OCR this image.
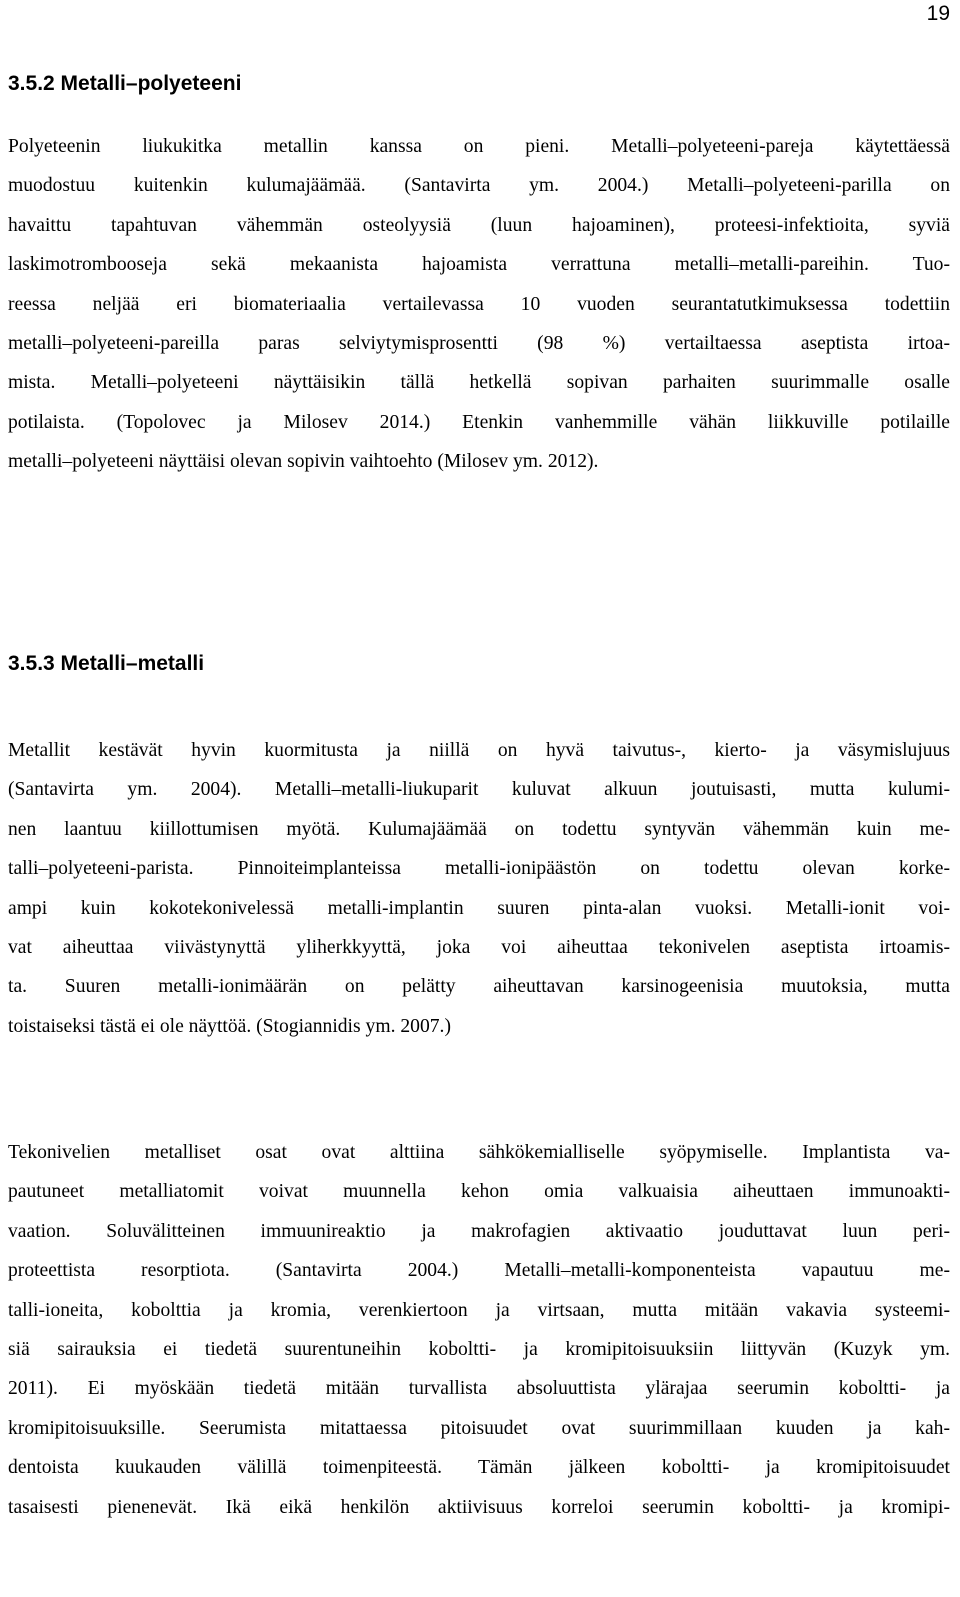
19
3.5.2 Metalli–polyeteeni
Polyeteenin liukukitka metallin kanssa on pieni. Metalli–polyeteeni-pareja käytettäessä
muodostuu kuitenkin kulumajäämää. (Santavirta ym. 2004.) Metalli–polyeteeni-parilla on
havaittu tapahtuvan vähemmän osteolyysiä (luun hajoaminen), proteesi-infektioita, syviä
laskimotrombooseja sekä mekaanista hajoamista verrattuna metalli–metalli-pareihin. Tuo-
reessa neljää eri biomateriaalia vertailevassa 10 vuoden seurantatutkimuksessa todettiin
metalli–polyeteeni-pareilla paras selviytymisprosentti (98 %) vertailtaessa aseptista irtoa-
mista. Metalli–polyeteeni näyttäisikin tällä hetkellä sopivan parhaiten suurimmalle osalle
potilaista. (Topolovec ja Milosev 2014.) Etenkin vanhemmille vähän liikkuville potilaille
metalli–polyeteeni näyttäisi olevan sopivin vaihtoehto (Milosev ym. 2012).
3.5.3 Metalli–metalli
Metallit kestävät hyvin kuormitusta ja niillä on hyvä taivutus-, kierto- ja väsymislujuus
(Santavirta ym. 2004). Metalli–metalli-liukuparit kuluvat alkuun joutuisasti, mutta kulumi-
nen laantuu kiillottumisen myötä. Kulumajäämää on todettu syntyvän vähemmän kuin me-
talli–polyeteeni-parista. Pinnoiteimplanteissa metalli-ionipäästön on todettu olevan korke-
ampi kuin kokotekonivelessä metalli-implantin suuren pinta-alan vuoksi. Metalli-ionit voi-
vat aiheuttaa viivästynyttä yliherkkyyttä, joka voi aiheuttaa tekonivelen aseptista irtoamis-
ta. Suuren metalli-ionimäärän on pelätty aiheuttavan karsinogeenisia muutoksia, mutta
toistaiseksi tästä ei ole näyttöä. (Stogiannidis ym. 2007.)
Tekonivelien metalliset osat ovat alttiina sähkökemialliselle syöpymiselle. Implantista va-
pautuneet metalliatomit voivat muunnella kehon omia valkuaisia aiheuttaen immunoakti-
vaation. Soluvälitteinen immuunireaktio ja makrofagien aktivaatio jouduttavat luun peri-
proteettista resorptiota. (Santavirta 2004.) Metalli–metalli-komponenteista vapautuu me-
talli-ioneita, kobolttia ja kromia, verenkiertoon ja virtsaan, mutta mitään vakavia systeemi-
siä sairauksia ei tiedetä suurentuneihin koboltti- ja kromipitoisuuksiin liittyvän (Kuzyk ym.
2011). Ei myöskään tiedetä mitään turvallista absoluuttista ylärajaa seerumin koboltti- ja
kromipitoisuuksille. Seerumista mitattaessa pitoisuudet ovat suurimmillaan kuuden ja kah-
dentoista kuukauden välillä toimenpiteestä. Tämän jälkeen koboltti- ja kromipitoisuudet
tasaisesti pienenevät. Ikä eikä henkilön aktiivisuus korreloi seerumin koboltti- ja kromipi-
